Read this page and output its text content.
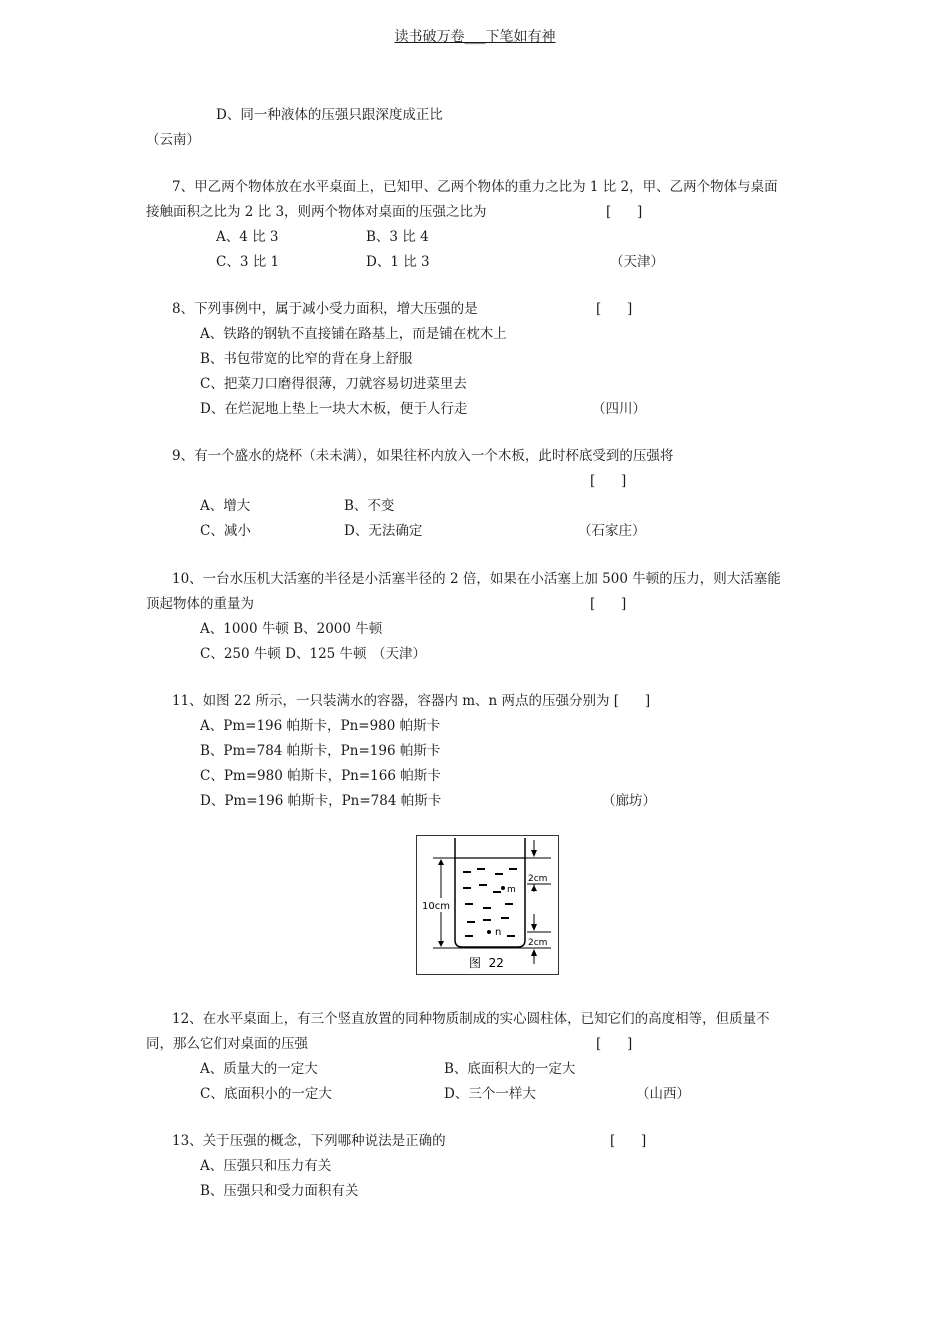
读书破万卷___下笔如有神
D、同一种液体的压强只跟深度成正比
（云南）
7、甲乙两个物体放在水平桌面上，已知甲、乙两个物体的重力之比为 1 比 2，甲、乙两个物体与桌面
接触面积之比为 2 比 3，则两个物体对桌面的压强之比为	[      ]
A、4 比 3	B、3 比 4
C、3 比 1	D、1 比 3	（天津）
8、下列事例中，属于减小受力面积，增大压强的是	[      ]
A、铁路的钢轨不直接铺在路基上，而是铺在枕木上
B、书包带宽的比窄的背在身上舒服
C、把菜刀口磨得很薄，刀就容易切进菜里去
D、在烂泥地上垫上一块大木板，便于人行走	（四川）
9、有一个盛水的烧杯（未未满），如果往杯内放入一个木板，此时杯底受到的压强将
[      ]
A、增大	B、不变
C、减小	D、无法确定	（石家庄）
10、一台水压机大活塞的半径是小活塞半径的 2 倍，如果在小活塞上加 500 牛顿的压力，则大活塞能
顶起物体的重量为	[      ]
A、1000 牛顿 B、2000 牛顿
C、250 牛顿 D、125 牛顿 （天津）
11、如图 22 所示，一只装满水的容器，容器内 m、n 两点的压强分别为 [      ]
A、Pm=196 帕斯卡，Pn=980 帕斯卡
B、Pm=784 帕斯卡，Pn=196 帕斯卡
C、Pm=980 帕斯卡，Pn=166 帕斯卡
D、Pm=196 帕斯卡，Pn=784 帕斯卡	（廊坊）
m
n
10cm
2cm
2cm
图  22
12、在水平桌面上，有三个竖直放置的同种物质制成的实心圆柱体，已知它们的高度相等，但质量不
同，那么它们对桌面的压强	[      ]
A、质量大的一定大	B、底面积大的一定大
C、底面积小的一定大	D、三个一样大	（山西）
13、关于压强的概念，下列哪种说法是正确的	[      ]
A、压强只和压力有关
B、压强只和受力面积有关
